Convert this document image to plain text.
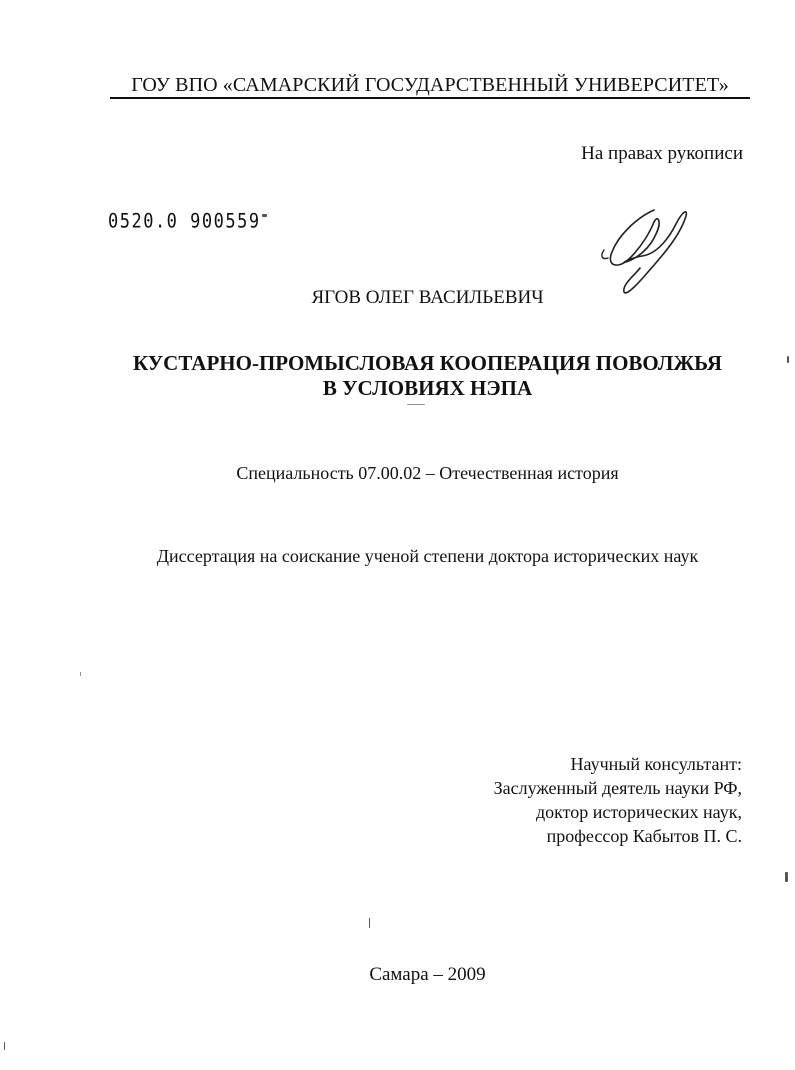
ГОУ ВПО «САМАРСКИЙ ГОСУДАРСТВЕННЫЙ УНИВЕРСИТЕТ»
На правах рукописи
0520.0 900559
ЯГОВ ОЛЕГ ВАСИЛЬЕВИЧ
КУСТАРНО-ПРОМЫСЛОВАЯ КООПЕРАЦИЯ ПОВОЛЖЬЯ
В УСЛОВИЯХ НЭПА
Специальность 07.00.02 – Отечественная история
Диссертация на соискание ученой степени доктора исторических наук
Научный консультант:
Заслуженный деятель науки РФ,
доктор исторических наук,
профессор Кабытов П. С.
Самара – 2009
